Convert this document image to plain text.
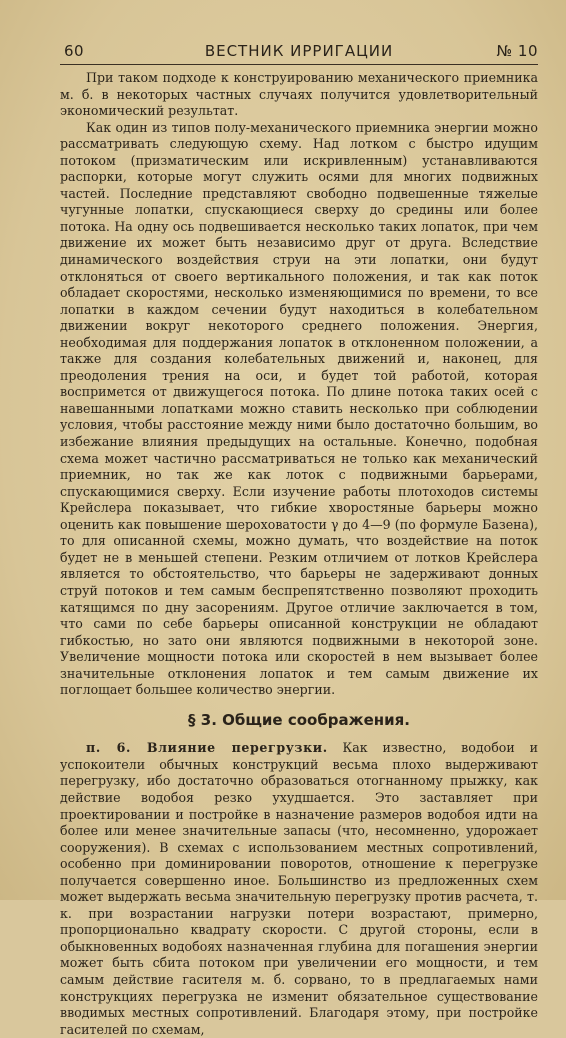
60	ВЕСТНИК ИРРИГАЦИИ	№ 10

При таком подходе к конструированию механического приемника м. б. в некоторых частных случаях получится удовлетворительный экономический результат.

Как один из типов полу-механического приемника энергии можно рассматривать следующую схему. Над лотком с быстро идущим потоком (призматическим или искривленным) устанавливаются распорки, которые могут служить осями для многих подвижных частей. Последние представляют свободно подвешенные тяжелые чугунные лопатки, спускающиеся сверху до средины или более потока. На одну ось подвешивается несколько таких лопаток, при чем движение их может быть независимо друг от друга. Вследствие динамического воздействия струи на эти лопатки, они будут отклоняться от своего вертикального положения, и так как поток обладает скоростями, несколько изменяющимися по времени, то все лопатки в каждом сечении будут находиться в колебательном движении вокруг некоторого среднего положения. Энергия, необходимая для поддержания лопаток в отклоненном положении, а также для создания колебательных движений и, наконец, для преодоления трения на оси, и будет той работой, которая воспримется от движущегося потока. По длине потока таких осей с навешанными лопатками можно ставить несколько при соблюдении условия, чтобы расстояние между ними было достаточно большим, во избежание влияния предыдущих на остальные. Конечно, подобная схема может частично рассматриваться не только как механический приемник, но так же как лоток с подвижными барьерами, спускающимися сверху. Если изучение работы плотоходов системы Крейслера показывает, что гибкие хворостяные барьеры можно оценить как повышение шероховатости γ до 4—9 (по формуле Базена), то для описанной схемы, можно думать, что воздействие на поток будет не в меньшей степени. Резким отличием от лотков Крейслера является то обстоятельство, что барьеры не задерживают донных струй потоков и тем самым беспрепятственно позволяют проходить катящимся по дну засорениям. Другое отличие заключается в том, что сами по себе барьеры описанной конструкции не обладают гибкостью, но зато они являются подвижными в некоторой зоне. Увеличение мощности потока или скоростей в нем вызывает более значительные отклонения лопаток и тем самым движение их поглощает большее количество энергии.

§ 3. Общие соображения.

п. 6. Влияние перегрузки. Как известно, водобои и успокоители обычных конструкций весьма плохо выдерживают перегрузку, ибо достаточно образоваться отогнанному прыжку, как действие водобоя резко ухудшается. Это заставляет при проектировании и постройке в назначение размеров водобоя идти на более или менее значительные запасы (что, несомненно, удорожает сооружения). В схемах с использованием местных сопротивлений, особенно при доминировании поворотов, отношение к перегрузке получается совершенно иное. Большинство из предложенных схем может выдержать весьма значительную перегрузку против расчета, т. к. при возрастании нагрузки потери возрастают, примерно, пропорционально квадрату скорости. С другой стороны, если в обыкновенных водобоях назначенная глубина для погашения энергии может быть сбита потоком при увеличении его мощности, и тем самым действие гасителя м. б. сорвано, то в предлагаемых нами конструкциях перегрузка не изменит обязательное существование вводимых местных сопротивлений. Благодаря этому, при постройке гасителей по схемам,
